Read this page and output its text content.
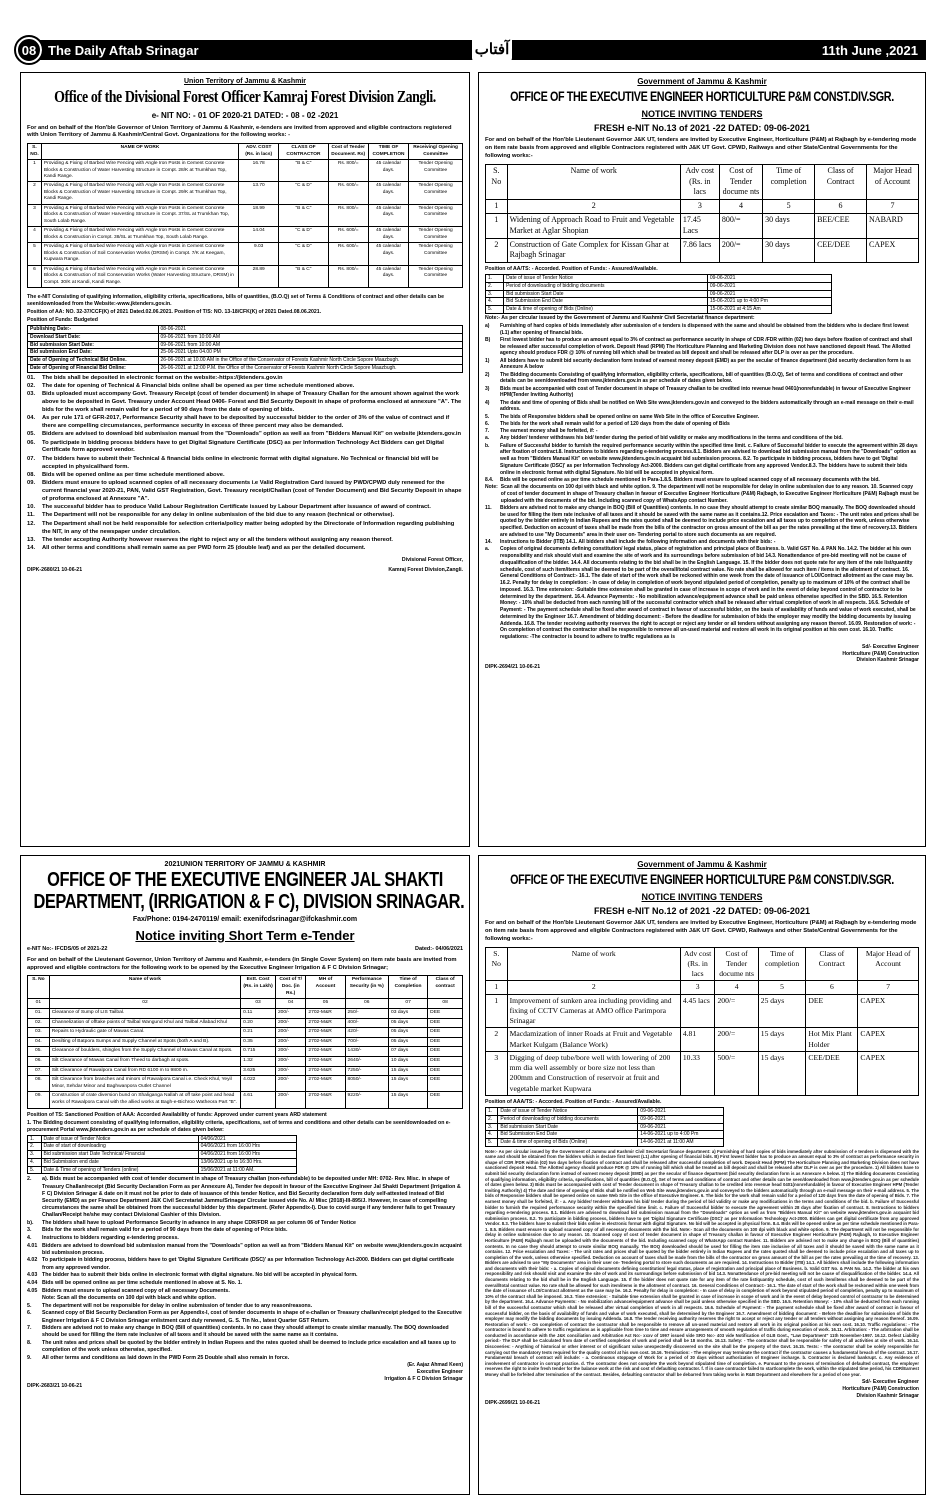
08 The Daily Aftab Srinagar	آفتاب	11th June ,2021
Union Territory of Jammu & Kashmir
Office of the Divisional Forest Officer Kamraj Forest Division Zangli.
e- NIT NO: - 01 OF 2020-21 DATED: - 08 - 02 -2021
For and on behalf of the Hon'ble Governor of Union Territory of Jammu & Kashmir, e-tenders are invited from approved and eligible contractors registered with Union Territory of Jammu & Kashmir/Central Govt. Organizations for the following works: -
S. NO.	NAME OF WORK	ADV. COST (Rs. in lacs)	CLASS OF CONTRACTOR	Cost of Tender Document. Rs)	TIME OF COMPLETION	Receiving/ Opening Committee
1	Providing & Fixing of Barbed Wire Fencing with Angle Iron Posts in Cement Concrete Blocks & Construction of Water Harvesting Structure in Compt. 28/K at Trumkhan Top, Kandi Range.	16.78	"B & C"	Rs. 800/=	45 calendar days.	Tender Opening Committee
2	Providing & Fixing of Barbed Wire Fencing with Angle Iron Posts in Cement Concrete Blocks & Construction of Water Harvesting Structure in Compt. 29/K at Trumkhan Top, Kandi Range.	13.70	"C & D"	Rs. 600/=	45 calendar days.	Tender Opening Committee
3	Providing & Fixing of Barbed Wire Fencing with Angle Iron Posts in Cement Concrete Blocks & Construction of Water Harvesting Structure in Compt. 37/SL at Trumkhan Top, South Lolab Range.	18.99	"B & C"	Rs. 800/=	45 calendar days.	Tender Opening Committee
4	Providing & Fixing of Barbed Wire Fencing with Angle Iron Posts in Cement Concrete Blocks & Construction in Compt. 38/SL at Trumkhan Top, South Lolab Range.	14.04	"C & D"	Rs. 600/=	45 calendar days.	Tender Opening Committee
5	Providing & Fixing of Barbed Wire Fencing with Angle Iron Posts in Cement Concrete Blocks & Construction of Soil Conservation Works (DRSM) in Compt. 7/K at Keegam, Kupwara Range.	9.03	"C & D"	Rs. 600/=	45 calendar days.	Tender Opening Committee
6	Providing & Fixing of Barbed Wire Fencing with Angle Iron Posts in Cement Concrete Blocks & Construction of Soil Conservation Works (Water Harvesting Structure, DRSM) in Compt. 30/K at Kandi, Kandi Range.	28.89	"B & C"	Rs. 800/=	45 calendar days.	Tender Opening Committee
The e-NIT Consisting of qualifying information, eligibility criteria, specifications, bills of quantities, (B.O.Q) set of Terms & Conditions of contract and other details can be seen/downloaded from the Website:-www.jktenders.gov.in.
Position of AA: NO. 32-37/CCF(K) of 2021 Dated.02.06.2021. Position of T/S: NO. 13-18/CFK(K) of 2021 Dated.08.06.2021.
Position of Funds: Budgeted
Publishing Date:-	08-06-2021
Download Start Date:	09-06-2021 from 10:00 AM
Bid submission Start Date:	09-06-2021 from 10:00 AM
Bid submission End Date:	25-06-2021 Upto 04.00 PM
Date of Opening of Technical Bid Online.	26-06-2021 at 10.00 AM in the Office of the Conservator of Forests Kashmir North Circle Sopore Maazbugh.
Date of Opening of Financial Bid Online:	26-06-2021 at 12:00 P.M. the Office of the Conservator of Forests Kashmir North Circle Sopore Maazbugh.
01.	The bids shall be deposited in electronic format on the website:-https://jktenders.gov.in
02.	The date for opening of Technical & Financial bids online shall be opened as per time schedule mentioned above.
03.	Bids uploaded must accompany Govt. Treasury Receipt (cost of tender document) in shape of Treasury Challan for the amount shown against the work above to be deposited in Govt. Treasury under Account Head 0406- Forest and Bid Security Deposit in shape of proforma enclosed at annexure "A". The bids for the work shall remain valid for a period of 90 days from the date of opening of bids.
04.	As per rule 171 of GFR-2017, Performance Security shall have to be deposited by successful bidder to the order of 3% of the value of contract and if there are compelling circumstances, performance security in excess of three percent may also be demanded.
05.	Bidders are advised to download bid submission manual from the "Downloads" option as well as from "Bidders Manual Kit" on website jktenders.gov.in
06.	To participate in bidding process bidders have to get Digital Signature Certificate (DSC) as per Information Technology Act Bidders can get Digital Certificate form approved vendor.
07.	The bidders have to submit their Technical & financial bids online in electronic format with digital signature. No Technical or financial bid will be accepted in physical/hard form.
08.	Bids will be opened online as per time schedule mentioned above.
09.	Bidders must ensure to upload scanned copies of all necessary documents i.e Valid Registration Card issued by PWD/CPWD duly renewed for the current financial year 2020-21, PAN, Valid GST Registration, Govt. Treasury receipt/Challan (cost of Tender Document) and Bid Security Deposit in shape of proforma enclosed at Annexure "A".
10.	The successful bidder has to produce Valid Labour Registration Certificate issued by Labour Department after issuance of award of contract.
11.	The Department will not be responsible for any delay in online submission of the bid due to any reason (technical or otherwise).
12.	The Department shall not be held responsible for selection criteria/policy matter being adopted by the Directorate of Information regarding publishing the NIT, in any of the newspaper under circulation.
13.	The tender accepting Authority however reserves the right to reject any or all the tenders without assigning any reason thereof.
14.	All other terms and conditions shall remain same as per PWD form 25 (double leaf) and as per the detailed document.
Divisional Forest Officer,
DIPK-2680/21 10-06-21	Kamraj Forest Division,Zangli.
Government of Jammu & Kashmir
OFFICE OF THE EXECUTIVE ENGINEER HORTICULTURE P&M CONST.DIV.SGR.
NOTICE INVITING TENDERS
FRESH e-NIT No.13 of 2021 -22 DATED: 09-06-2021
For and on behalf of the Hon'ble Lieutenant Governor J&K UT, tenders are invited by Executive Engineer, Horticulture (P&M) at Rajbagh by e-tendering mode on item rate basis from approved and eligible Contractors registered with J&K UT Govt. CPWD, Railways and other State/Central Governments for the following works:-
S. No	Name of work	Adv cost (Rs. in lacs	Cost of Tender docume nts	Time of completion	Class of Contract	Major Head of Account
1	2	3	4	5	6	7
1	Widening of Approach Road to Fruit and Vegetable Market at Aglar Shopian	17.45 Lacs	800/=	30 days	BEE/CEE	NABARD
2	Construction of Gate Complex for Kissan Ghar at Rajbagh Srinagar	7.86 lacs	200/=	30 days	CEE/DEE	CAPEX
Position of AA/TS: - Accorded. Position of Funds: - Assured/Available.
1.	Date of issue of Tender Notice	09-06-2021
2.	Period of downloading of bidding documents	09-06-2021
3.	Bid submission Start Date	09-06-2021
4.	Bid Submission End Date	15-06-2021 up to 4:00 Pm
5.	Date & time of opening of Bids (Online)	15-06-2021 at 4:15 Am
Note:- As per circular issued by the Government of Jammu and Kashmir Civil Secretariat finance department:
a)	Furnishing of hard copies of bids immediately after submission of e tenders is dispensed with the same and should be obtained from the bidders who is declare first lowest (L1) after opening of financial bids.
B)	First lowest bidder has to produce an amount equal to 3% of contract as performance security in shape of CDR /FDR within (02) two days before fixation of contract and shall be released after successful completion of work. Deposit Head (RPM) The Horticulture Planning and Marketing Division does not have sanctioned deposit Head. The Allotted agency should produce FDR @ 10% of running bill which shall be treated as bill deposit and shall be released after DLP is over as per the procedure.
1)	All bidders have to submit bid security declaration form instead of earnest money deposit (EMD) as per the secular of finance department (bid security declaration form is as Annexure A below
2)	The Bidding documents Consisting of qualifying information, eligibility criteria, specifications, bill of quantities (B.O.Q), Set of terms and conditions of contract and other details can be seen/downloaded from www.jktenders.gov.in as per schedule of dates given below.
3)	Bids must be accompanied with cost of Tender document in shape of Treasury challan to be credited into revenue head 0401(nonrefundable) in favour of Executive Engineer HPM(Tender Inviting Authority)
4)	The date and time of opening of Bids shall be notified on Web Site www.jktenders.gov.in and conveyed to the bidders automatically through an e-mail message on their e-mail address.
5.	The bids of Responsive bidders shall be opened online on same Web Site in the office of Executive Engineer.
6.	The bids for the work shall remain valid for a period of 120 days from the date of opening of Bids
7.	The earnest money shall be forfeited, if: -
a.	Any bidder/ tenderer withdraws his bid/ tender during the period of bid validity or make any modifications in the terms and conditions of the bid.
b.	Failure of Successful bidder to furnish the required performance security within the specified time limit. c. Failure of Successful bidder to execute the agreement within 28 days after fixation of contract.8. Instructions to bidders regarding e-tendering process.8.1. Bidders are advised to download bid submission manual from the "Downloads" option as well as from "Bidders Manual Kit" on website www.jktenders.gov.in acquaint bid submission process. 8.2. To participate in bidding process, bidders have to get 'Digital Signature Certificate (DSC)' as per Information Technology Act-2000. Bidders can get digital certificate from any approved Vendor.8.3. The bidders have to submit their bids online in electronic format with digital Signature. No bid will be accepted in physical form.
8.4.	Bids will be opened online as per time schedule mentioned in Para-1.8.5. Bidders must ensure to upload scanned copy of all necessary documents with the bid.
Note: Scan all the documents on 100 dpi with black and white option. 9. The department will not be responsible for delay in online submission due to any reason. 10. Scanned copy of cost of tender document in shape of Treasury challan in favour of Executive Engineer Horticulture (P&M) Rajbagh, to Executive Engineer Horticulture (P&M) Rajbagh must be uploaded with the documents of the bid. Including scanned copy of WhatsApp contact Number.
11.	Bidders are advised not to make any change in BOQ (Bill of Quantities) contents. In no case they should attempt to create similar BOQ manually. The BOQ downloaded should be used for filling the item rate inclusive of all taxes and it should be saved with the same name as it contains.12. Price escalation and Taxes: - The unit rates and prices shall be quoted by the bidder entirely in Indian Rupees and the rates quoted shall be deemed to include price escalation and all taxes up to completion of the work, unless otherwise specified. Deduction on account of taxes shall be made from the bills of the contractor on gross amount of the bill as per the rates prevailing at the time of recovery.13. Bidders are advised to use "My Documents" area in their user on- Tendering portal to store such documents as are required.
14.	Instructions to Bidder (ITB) 14.1. All bidders shall include the following information and documents with their bids: -
a.	Copies of original documents defining constitution/ legal status, place of registration and principal place of Business. b. Valid GST No. & PAN No. 14.2. The bidder at his own responsibility and risk should visit and examine the site of work and its surroundings before submission of bid 14.3. Nonattendance of pre-bid meeting will not be cause of disqualification of the bidder. 14.4. All documents relating to the bid shall be in the English Language. 15. If the bidder does not quote rate for any item of the rate list/quantity schedule, cost of such item/items shall be deemed to be part of the overall/total contract value. No rate shall be allowed for such item / items in the allotment of contract. 16. General Conditions of Contract:- 16.1. The date of start of the work shall be reckoned within one week from the date of issuance of LOI/Contract allotment as the case may be. 16.2. Penalty for delay in completion: - In case of delay in completion of work beyond stipulated period of completion, penalty up to maximum of 10% of the contract shall be imposed. 16.3. Time extension: -Suitable time extension shall be granted in case of increase in scope of work and in the event of delay beyond control of contractor to be determined by the department. 16.4. Advance Payments: - No mobilization advance/equipment advance shall be paid unless otherwise specified in the SBD. 16.5. Retention Money: - 10% shall be deducted from each running bill of the successful contractor which shall be released after virtual completion of work in all respects. 16.6. Schedule of Payment: - The payment schedule shall be fixed after award of contract in favour of successful bidder, on the basis of availability of funds and value of work executed, shall be determined by the Engineer 16.7. Amendment of bidding document: - Before the deadline for submission of bids the employer may modify the bidding documents by issuing Addenda. 16.8. The tender receiving authority reserves the right to accept or reject any tender or all tenders without assigning any reason thereof. 16.09. Restoration of work: - On completion of contract the contractor shall be responsible to remove all un-used material and restore all work in its original position at his own cost. 16.10. Traffic regulations: -The contractor is bound to adhere to traffic regulations as is
Sd/- Executive Engineer
Horticulture (P&M) Construction
Division Kashmir Srinagar
DIPK-2694/21 10-06-21
2021UNION TERRITORY OF JAMMU & KASHMIR
OFFICE OF THE EXECUTIVE ENGINEER JAL SHAKTI
DEPARTMENT, (IRRIGATION & F C), DIVISION SRINAGAR.
Fax/Phone: 0194-2470119/ email: exenifcdsrinagar@ifckashmir.com
Notice inviting Short Term e-Tender
e-NIT No:- IFCDS/05 of 2021-22	Dated:- 04/06/2021
For and on behalf of the Lieutenant Governor, Union Territory of Jammu and Kashmir, e-tenders (in Single Cover System) on item rate basis are invited from approved and eligible contractors for the following work to be opened by the Executive Engineer Irrigation & F C Division Srinagar;
S. No	Name of work	Estt. Cost (Rs. in Lakh)	Cost of T/ Doc. (in Rs.)	MH of Account	Performance Security (in %)	Time of Completion	Class of contract
01	02	03	04	05	06	07	08
01.	Clearance of Sump of LIS Tailbal.	0.11	200/-	2702-M&R	250/-	03 days	DEE
02.	Channelization of offtake points of Tailbal Wangund Khul and Tailbal Allabad Khul	0.20	200/-	2702-M&R	400/-	05 days	DEE
03.	Repairs to Hydraulic gate of Mawas Canal.	0.21	200/-	2702-M&R	420/-	05 days	DEE
04.	Desilting of Batpora Sumps and Supply Channel at Spots (both A and B).	0.35	200/-	2702-M&R	700/-	05 days	DEE
05.	Clearance of boulders, shingles from the Supply Channel of Mawas Canal at Spots.	0.715	200/-	2702-M&R	1430/-	07 days	DEE
06.	Silt Clearance of Mawas Canal from Theed to darbagh at spots.	1.32	200/-	2702-M&R	2640/-	10 days	DEE
07.	Silt Clearance of Rawalpora Canal from RD 6100 m to 9800 m.	3.625	200/-	2702-M&R	7250/-	15 days	DEE
08.	Silt Clearance from branches and minors of Rawalpora Canal i.e. Check Khul, Yeyil Minor, Sehdar Minor and Baghwanpora Outlet Channel	4.022	200/-	2702-M&R	8050/-	15 days	DEE
09.	Construction of crate diversion bund on Shaliganga Nallah at off take point and head works of Rawalpora Canal with the allied works at Bagh-e-Bichroo Watheora Part "B".	4.61	200/-	2702-M&R	9220/-	15 days	DEE
Position of TS: Sanctioned Position of AAA: Accorded Availability of funds: Approved under current years ARD statement
1. The Bidding document consisting of qualifying information, eligibility criteria, specifications, set of terms and conditions and other details can be seen/downloaded on e-procurement Portal www.jktenders.gov.in as per schedule of dates given below:
1.	Date of issue of Tender Notice	04/06/2021
2.	Date of start of downloading	04/06/2021 from 16:00 Hrs
3.	Bid submission start Date Technical/ Financial	04/06/2021 from 16:00 Hrs
4.	Bid Submission end date	13/06/2021 up to 16:30 Hrs.
5.	Date & Time of opening of Tenders (online)	15/06/2021 at 11:00 AM.
2.	a). Bids must be accompanied with cost of tender document in shape of Treasury challan (non-refundable) to be deposited under MH: 0702- Rev. Misc. in shape of Treasury Challan/receipt (Bid Security Declaration Form as per Annexure A), Tender fee deposit in favour of the Executive Engineer Jal Shakti Department (Irrigation & F C) Division Srinagar & date on it must not be prior to date of issuance of this tender Notice, and Bid Security declaration form duly self-attested instead of Bid Security (EMD) as per Finance Department J&K Civil Secretariat Jammu/Srinagar Circular issued vide No. A/ Misc (2018)-III-895/J. However, in case of compelling circumstances the same shall be obtained from the successful bidder by this department. (Refer Appendix-I). Due to covid surge if any tenderer fails to get Treasury Challan/Receipt he/she may contact Divisional Cashier of this Division.
b).	The bidders shall have to upload Performance Security in advance in any shape CDR/FDR as per column 06 of Tender Notice
3.	Bids for the work shall remain valid for a period of 90 days from the date of opening of Price bids.
4.	Instructions to bidders regarding e-tendering process.
4.01 Bidders are advised to download bid submission manual from the "Downloads" option as well as from "Bidders Manual Kit" on website www.jktenders.gov.in acquaint bid submission process.
4.02 To participate in bidding process, bidders have to get 'Digital Signature Certificate (DSC)' as per Information Technology Act-2000. Bidders can get digital certificate from any approved vendor.
4.03 The bidder has to submit their bids online in electronic format with digital signature. No bid will be accepted in physical form.
4.04 Bids will be opened online as per time schedule mentioned in above at S. No. 1.
4.05 Bidders must ensure to upload scanned copy of all necessary Documents.
Note: Scan all the documents on 100 dpi with black and white option.
5.	The department will not be responsible for delay in online submission of tender due to any reason/reasons.
6.	Scanned copy of Bid Security Declaration Form as per Appendix-I, cost of tender documents in shape of e-challan or Treasury challan/receipt pledged to the Executive Engineer Irrigation & F C Division Srinagar enlistment card duly renewed, G. S. Tin No., latest Quarter GST Return.
7.	Bidders are advised not to make any change in BOQ (Bill of quantities) contents. In no case they should attempt to create similar manually. The BOQ downloaded should be used for filling the item rate inclusive of all taxes and it should be saved with the same name as it contains.
8.	The unit rates and prices shall be quoted by the bidder entirely in Indian Rupees and the rates quoted shall be deemed to include price escalation and all taxes up to completion of the work unless otherwise, specified.
9.	All other terms and conditions as laid down in the PWD Form 25 Double shall also remain in force.
(Er. Aajaz Ahmad Keen)
Executive Engineer
Irrigation & F C Division Srinagar
DIPK-2683/21 10-06-21
Government of Jammu & Kashmir
OFFICE OF THE EXECUTIVE ENGINEER HORTICULTURE P&M CONST.DIV.SGR.
NOTICE INVITING TENDERS
FRESH e-NIT No.12 of 2021 -22 DATED: 09-06-2021
For and on behalf of the Hon'ble Lieutenant Governor J&K UT, tenders are invited by Executive Engineer, Horticulture (P&M) at Rajbagh by e-tendering mode on item rate basis from approved and eligible Contractors registered with J&K UT Govt. CPWD, Railways and other State/Central Governments for the following works:-
S. No	Name of work	Adv cost (Rs. in lacs	Cost of Tender docume nts	Time of completion	Class of Contract	Major Head of Account
1	2	3	4	5	6	7
1	Improvement of sunken area including providing and fixing of CCTV Cameras at AMO office Parimpora Srinagar	4.45 lacs	200/=	25 days	DEE	CAPEX
2	Macdamization of inner Roads at Fruit and Vegetable Market Kulgam (Balance Work)	4.81	200/=	15 days	Hot Mix Plant Holder	CAPEX
3	Digging of deep tube/bore well with lowering of 200 mm dia well assembly or bore size not less than 200mm and Construction of reservoir at fruit and vegetable market Kupwara	10.33	500/=	15 days	CEE/DEE	CAPEX
Position of AAA/TS: - Accorded. Position of Funds: - Assured/Available.
1.	Date of issue of Tender Notice	09-06-2021
2.	Period of downloading of bidding documents	09-06-2021
3.	Bid submission Start Date	09-06-2021
4.	Bid Submission End Date	14-06-2021 up to 4:00 Pm
5.	Date & time of opening of Bids (Online)	14-06-2021 at 11:00 AM
Note:- As per circular issued by the Government of Jammu and Kashmir Civil Secretariat finance department: a) Furnishing of hard copies of bids immediately after submission of e tenders is dispensed with the same and should be obtained from the bidders which is declare first lowest (L1) after opening of financial bids. B) First lowest bidder has to produce an amount equal to 3% of contract as performance security in shape of CDR /FDR within (02) two days before fixation of contract and shall be released after successful completion of work. Deposit Head (RPM) The Horticulture Planning and Marketing Division does not have sanctioned deposit Head. The Allotted agency should produce FDR @ 10% of running bill which shall be treated as bill deposit and shall be released after DLP is over as per the procedure. 1) All bidders have to submit bid security declaration form instead of earnest money deposit (EMD) as per the secular of finance department (bid security declaration form is as Annexure A below. 2) The Bidding documents Consisting of qualifying information, eligibility criteria, specifications, bill of quantities (B.O.Q), Set of terms and conditions of contract and other details can be seen/downloaded from www.jktenders.gov.in as per schedule of dates given below. 3) Bids must be accompanied with cost of Tender document in shape of Treasury challan to be credited into revenue head 0401(nonrefundable) in favour of Executive Engineer HPM (Tender Inviting Authority) 4) The date and time of opening of Bids shall be notified on Web Site www.jktenders.gov.in and conveyed to the bidders automatically through an e-mail message on their e-mail address. 5. The bids of Responsive bidders shall be opened online on same Web Site in the office of Executive Engineer. 6. The bids for the work shall remain valid for a period of 120 days from the date of opening of Bids. 7. The earnest money shall be forfeited, if: - a. Any bidder/ tenderer withdraws his bid/ tender during the period of bid validity or make any modifications in the terms and conditions of the bid. b. Failure of Successful bidder to furnish the required performance security within the specified time limit. c. Failure of Successful bidder to execute the agreement within 28 days after fixation of contract. 8. Instructions to bidders regarding e-tendering process. 8.1. Bidders are advised to download bid submission manual from the "Downloads" option as well as from "Bidders Manual Kit" on website www.jktenders.gov.in acquaint bid submission process. 8.2. To participate in bidding process, bidders have to get 'Digital Signature Certificate (DSC)' as per Information Technology Act-2000. Bidders can get digital certificate from any approved Vendor. 8.3. The bidders have to submit their bids online in electronic format with digital Signature. No bid will be accepted in physical form. 8.4. Bids will be opened online as per time schedule mentioned in Para-1. 8.5. Bidders must ensure to upload scanned copy of all necessary documents with the bid. Note:- Scan all the documents on 100 dpi with black and white option. 9. The department will not be responsible for delay in online submission due to any reason. 10. Scanned copy of cost of tender document in shape of Treasury challan in favour of Executive Engineer Horticulture (P&M) Rajbagh, to Executive Engineer Horticulture (P&M) Rajbagh must be uploaded with the documents of the bid. Including scanned copy of WhatsApp contact Number. 11. Bidders are advised not to make any change in BOQ (Bill of quantities) contents. In no case they should attempt to create similar BOQ manually. The BOQ downloaded should be used for filling the item rate inclusive of all taxes and it should be saved with the same name as it contains. 12. Price escalation and Taxes: - The unit rates and prices shall be quoted by the bidder entirely in Indian Rupees and the rates quoted shall be deemed to include price escalation and all taxes up to completion of the work, unless otherwise specified. Deduction on account of taxes shall be made from the bills of the contractor on gross amount of the bill as per the rates prevailing at the time of recovery. 13. Bidders are advised to use "My Documents" area in their user on- Tendering portal to store such documents as are required. 14. Instructions to Bidder (ITB) 14.1. All bidders shall include the following information and documents with their bids: - a. Copies of original documents defining constitution/ legal status, place of registration and principal place of Business. b. Valid GST No. & PAN No. 14.2. The bidder at his own responsibility and risk should visit and examine the site of work and its surroundings before submission of bid 14.3. Nonattendance of pre-bid meeting will not be cause of disqualification of the bidder. 14.4. All documents relating to the bid shall be in the English Language. 15. If the bidder does not quote rate for any item of the rate list/quantity schedule, cost of such item/items shall be deemed to be part of the overall/total contract value. No rate shall be allowed for such item/items in the allotment of contract. 16. General Conditions of Contract:- 16.1. The date of start of the work shall be reckoned within one week from the date of issuance of LOI/Contract allotment as the case may be. 16.2. Penalty for delay in completion: - In case of delay in completion of work beyond stipulated period of completion, penalty up to maximum of 10% of the contract shall be imposed. 16.3. Time extension: - Suitable time extension shall be granted in case of increase in scope of work and in the event of delay beyond control of contractor to be determined by the department. 16.4. Advance Payments: - No mobilization advance/equipment advance shall be paid unless otherwise specified in the SBD. 16.5. Retention Money: - 10% shall be deducted from each running bill of the successful contractor which shall be released after virtual completion of work in all respects. 16.6. Schedule of Payment: - The payment schedule shall be fixed after award of contract in favour of successful bidder, on the basis of availability of funds and value of work executed, shall be determined by the Engineer 16.7. Amendment of bidding document: - Before the deadline for submission of bids the employer may modify the bidding documents by issuing Addenda. 16.8. The tender receiving authority reserves the right to accept or reject any tender or all tenders without assigning any reason thereof. 16.09. Restoration of work: - On completion of contract the contractor shall be responsible to remove all un-used material and restore all work in its original position at his own cost. 16.10. Traffic regulations: - The contractor is bound to adhere to traffic regulations as is applicable from time to time and ensure arrangements of smooth regulation of traffic during execution of work. 16.11. Arbitration: - The arbitration shall be conducted in accordance with the J&K conciliation and Arbitration Act No:- xxxv of 1997 issued vide SRO No:- 403 vide Notification of GLB Govt., "Law Department" 11th November-1997. 16.12. Defect Liability period:- The DLP shall be Calculated from date of certified completion of work and period shall be 18 months. 16.13. Safety: - The contractor shall be responsible for safety of all activities at site of work. 16.14. Discoveries: - Anything of historical or other interest or of significant value unexpectedly discovered on the site shall be the property of the Govt. 16.15. Tests: - The contractor shall be solely responsible for carrying out the mandatory tests required for the quality control at his own cost. 16.16. Termination: - The employer may terminate the contract if the contractor causes a fundamental breach of the contract. 16.17. Fundamental breach of contract will include: - a. Continuous stoppage of Work for a period of 30 days without authorization of Engineer incharge. b. Contractor is declared bankrupt. c. Any evidence of involvement of contractor in corrupt practice. d. The contractor does not complete the work beyond stipulated time of completion. e. Pursuant to the process of termination of defaulted contract, the employer reserves the right to invite fresh tender for the balance work at the risk and cost of defaulting contractor. f. If in case contractor failed to start/complete the work, within the stipulated time period, his CDR/Earnest Money shall be forfeited after termination of the contract. Besides, defaulting contractor shall be debarred from taking works in R&B Department and elsewhere for a period of one year.
Sd/- Executive Engineer
Horticulture (P&M) Construction
Division Kashmir Srinagar
DIPK-2699/21 10-06-21
